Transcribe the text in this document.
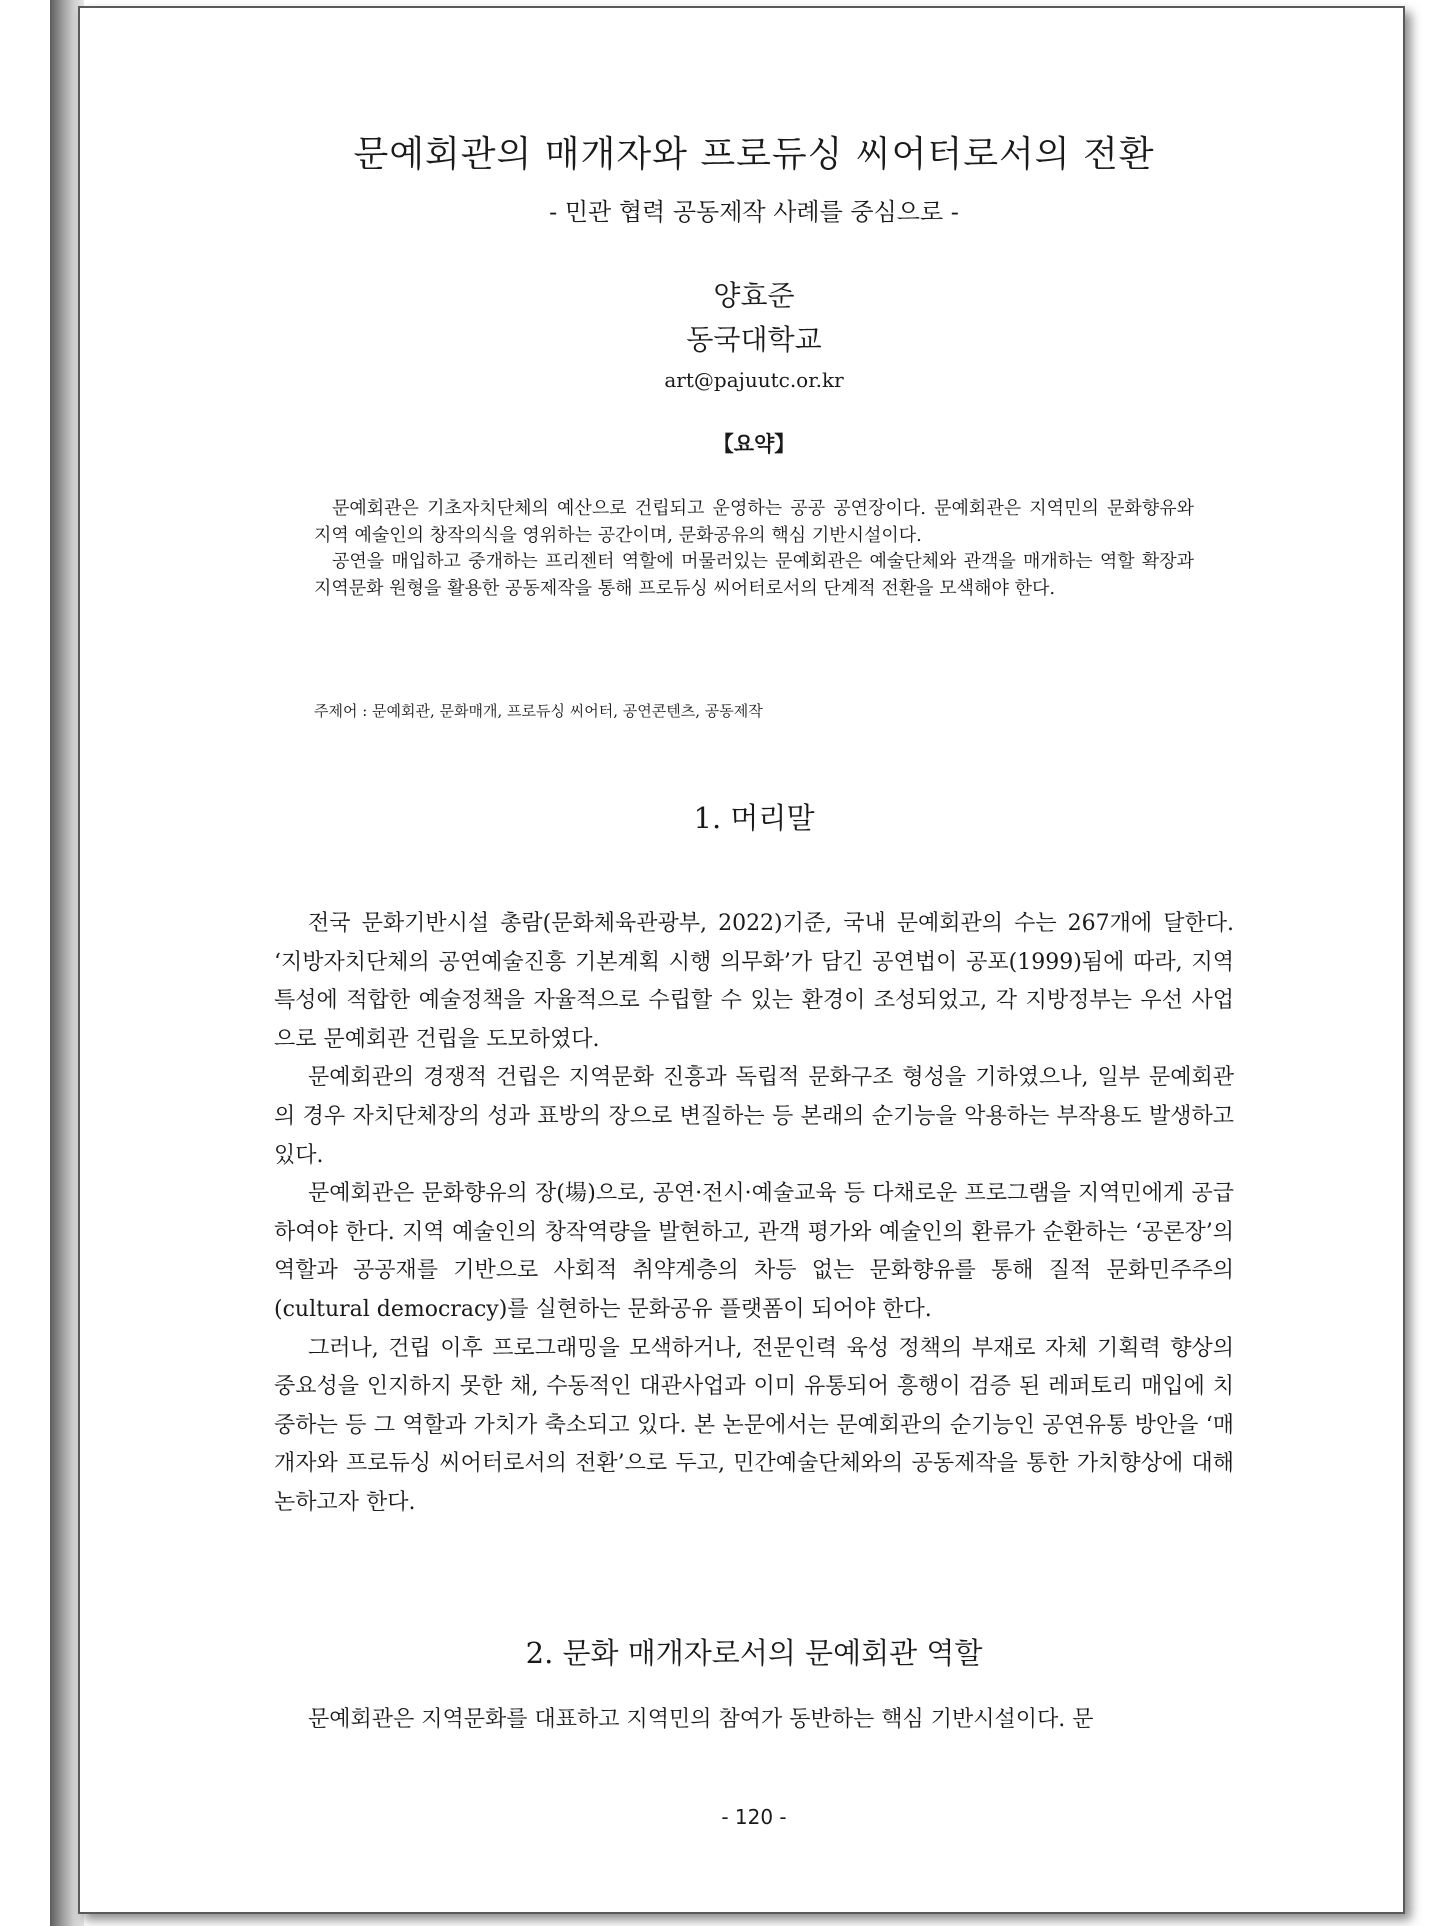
문예회관의 매개자와 프로듀싱 씨어터로서의 전환

- 민관 협력 공동제작 사례를 중심으로 -

양효준

동국대학교

art@pajuutc.or.kr

【요약】

문예회관은 기초자치단체의 예산으로 건립되고 운영하는 공공 공연장이다. 문예회관은 지역민의 문화향유와 지역 예술인의 창작의식을 영위하는 공간이며, 문화공유의 핵심 기반시설이다.

공연을 매입하고 중개하는 프리젠터 역할에 머물러있는 문예회관은 예술단체와 관객을 매개하는 역할 확장과 지역문화 원형을 활용한 공동제작을 통해 프로듀싱 씨어터로서의 단계적 전환을 모색해야 한다.

주제어 : 문예회관, 문화매개, 프로듀싱 씨어터, 공연콘텐츠, 공동제작

1. 머리말

전국 문화기반시설 총람(문화체육관광부, 2022)기준, 국내 문예회관의 수는 267개에 달한다. ‘지방자치단체의 공연예술진흥 기본계획 시행 의무화’가 담긴 공연법이 공포(1999)됨에 따라, 지역 특성에 적합한 예술정책을 자율적으로 수립할 수 있는 환경이 조성되었고, 각 지방정부는 우선 사업으로 문예회관 건립을 도모하였다.

문예회관의 경쟁적 건립은 지역문화 진흥과 독립적 문화구조 형성을 기하였으나, 일부 문예회관의 경우 자치단체장의 성과 표방의 장으로 변질하는 등 본래의 순기능을 악용하는 부작용도 발생하고 있다.

문예회관은 문화향유의 장(場)으로, 공연·전시·예술교육 등 다채로운 프로그램을 지역민에게 공급하여야 한다. 지역 예술인의 창작역량을 발현하고, 관객 평가와 예술인의 환류가 순환하는 ‘공론장’의 역할과 공공재를 기반으로 사회적 취약계층의 차등 없는 문화향유를 통해 질적 문화민주주의(cultural democracy)를 실현하는 문화공유 플랫폼이 되어야 한다.

그러나, 건립 이후 프로그래밍을 모색하거나, 전문인력 육성 정책의 부재로 자체 기획력 향상의 중요성을 인지하지 못한 채, 수동적인 대관사업과 이미 유통되어 흥행이 검증 된 레퍼토리 매입에 치중하는 등 그 역할과 가치가 축소되고 있다. 본 논문에서는 문예회관의 순기능인 공연유통 방안을 ‘매개자와 프로듀싱 씨어터로서의 전환’으로 두고, 민간예술단체와의 공동제작을 통한 가치향상에 대해 논하고자 한다.

2. 문화 매개자로서의 문예회관 역할

문예회관은 지역문화를 대표하고 지역민의 참여가 동반하는 핵심 기반시설이다. 문

- 120 -
